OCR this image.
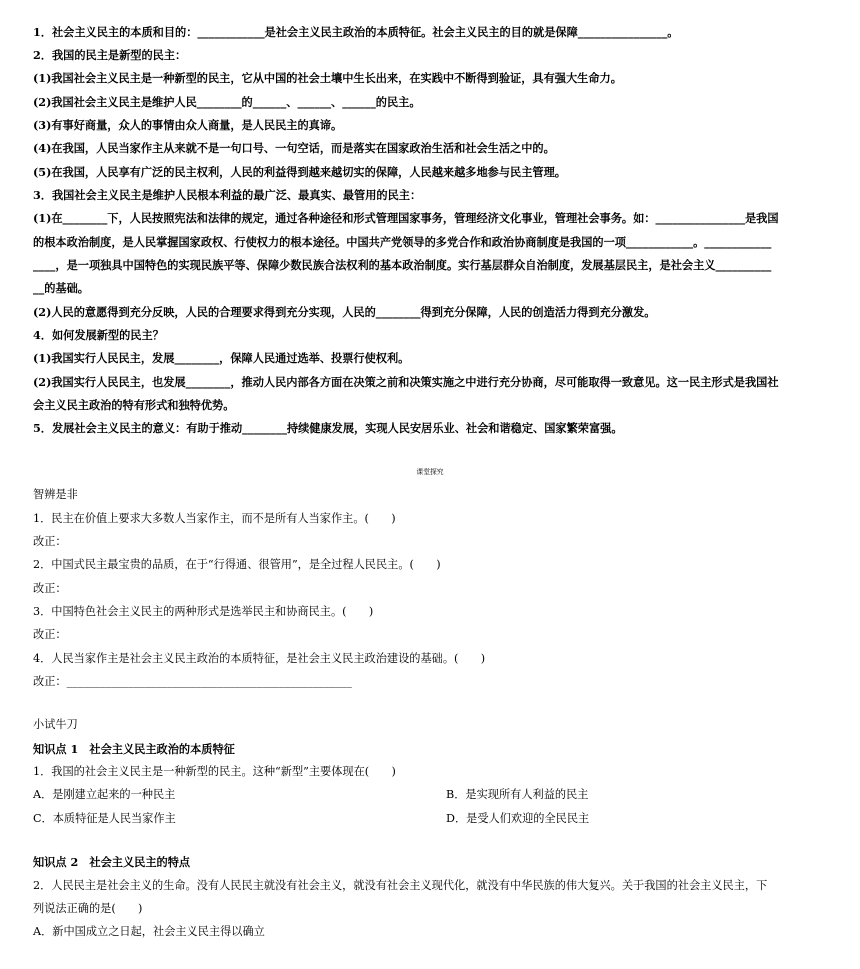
1．社会主义民主的本质和目的：____________是社会主义民主政治的本质特征。社会主义民主的目的就是保障________________。
2．我国的民主是新型的民主：
(1)我国社会主义民主是一种新型的民主，它从中国的社会土壤中生长出来，在实践中不断得到验证，具有强大生命力。
(2)我国社会主义民主是维护人民________的______、______、______的民主。
(3)有事好商量，众人的事情由众人商量，是人民民主的真谛。
(4)在我国，人民当家作主从来就不是一句口号、一句空话，而是落实在国家政治生活和社会生活之中的。
(5)在我国，人民享有广泛的民主权利，人民的利益得到越来越切实的保障，人民越来越多地参与民主管理。
3．我国社会主义民主是维护人民根本利益的最广泛、最真实、最管用的民主：
(1)在________下，人民按照宪法和法律的规定，通过各种途径和形式管理国家事务，管理经济文化事业，管理社会事务。如：________________是我国
的根本政治制度，是人民掌握国家政权、行使权力的根本途径。中国共产党领导的多党合作和政治协商制度是我国的一项____________。____________
____，是一项独具中国特色的实现民族平等、保障少数民族合法权利的基本政治制度。实行基层群众自治制度，发展基层民主，是社会主义__________
__的基础。
(2)人民的意愿得到充分反映，人民的合理要求得到充分实现，人民的________得到充分保障，人民的创造活力得到充分激发。
4．如何发展新型的民主？
(1)我国实行人民民主，发展________，保障人民通过选举、投票行使权利。
(2)我国实行人民民主，也发展________，推动人民内部各方面在决策之前和决策实施之中进行充分协商，尽可能取得一致意见。这一民主形式是我国社
会主义民主政治的特有形式和独特优势。
5．发展社会主义民主的意义：有助于推动________持续健康发展，实现人民安居乐业、社会和谐稳定、国家繁荣富强。
课堂探究
智辨是非
1．民主在价值上要求大多数人当家作主，而不是所有人当家作主。(　　)
改正：
2．中国式民主最宝贵的品质，在于“行得通、很管用”，是全过程人民民主。(　　)
改正：
3．中国特色社会主义民主的两种形式是选举民主和协商民主。(　　)
改正：
4．人民当家作主是社会主义民主政治的本质特征，是社会主义民主政治建设的基础。(　　)
改正：___________________________________________________
小试牛刀
知识点 1　社会主义民主政治的本质特征
1．我国的社会主义民主是一种新型的民主。这种“新型”主要体现在(　　)
A．是刚建立起来的一种民主	B．是实现所有人利益的民主
C．本质特征是人民当家作主	D．是受人们欢迎的全民民主
知识点 2　社会主义民主的特点
2．人民民主是社会主义的生命。没有人民民主就没有社会主义，就没有社会主义现代化，就没有中华民族的伟大复兴。关于我国的社会主义民主，下
列说法正确的是(　　)
A．新中国成立之日起，社会主义民主得以确立
